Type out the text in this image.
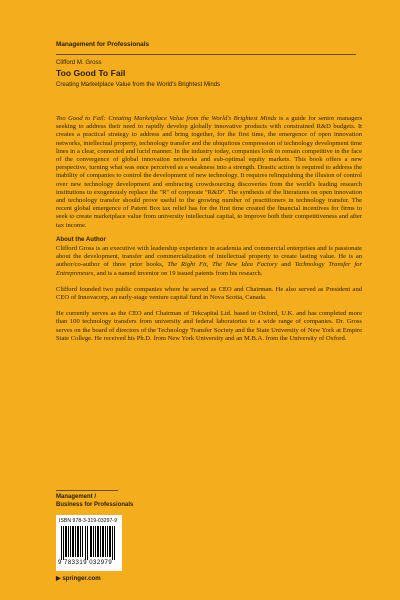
Management for Professionals
Clifford M. Gross
Too Good To Fail
Creating Marketplace Value from the World's Brightest Minds

Too Good to Fail: Creating Marketplace Value from the World's Brightest Minds is a guide for senior managers seeking to address their need to rapidly develop globally innovative products with constrained R&D budgets. It creates a practical strategy to address and bring together, for the first time, the emergence of open innovation networks, intellectual property, technology transfer and the ubiquitous compression of technology development time lines in a clear, connected and lucid manner. In the industry today, companies look to remain competitive in the face of the convergence of global innovation networks and sub-optimal equity markets. This book offers a new perspective, turning what was once perceived as a weakness into a strength. Drastic action is required to address the inability of companies to control the development of new technology. It requires relinquishing the illusion of control over new technology development and embracing crowdsourcing discoveries from the world's leading research institutions to exogenously replace the "R" of corporate "R&D". The synthesis of the literatures on open innovation and technology transfer should prove useful to the growing number of practitioners in technology transfer. The recent global emergence of Patent Box tax relief has for the first time created the financial incentives for firms to seek to create marketplace value from university intellectual capital, to improve both their competitiveness and after tax income.

About the Author

Clifford Gross is an executive with leadership experience in academia and commercial enterprises and is passionate about the development, transfer and commercialization of intellectual property to create lasting value. He is an author/co-author of three prior books, The Right Fit, The New Idea Factory and Technology Transfer for Entrepreneurs, and is a named inventor on 19 issued patents from his research.

Clifford founded two public companies where he served as CEO and Chairman. He also served as President and CEO of Innovacorp, an early-stage venture capital fund in Nova Scotia, Canada.

He currently serves as the CEO and Chairman of Tekcapital Ltd. based in Oxford, U.K. and has completed more than 100 technology transfers from university and federal laboratories to a wide range of companies. Dr. Gross serves on the board of directors of the Technology Transfer Society and the State University of New York at Empire State College. He received his Ph.D. from New York University and an M.B.A. from the University of Oxford.

Management /
Business for Professionals
ISBN 978-3-319-03297-9
9 783319 032979
▶ springer.com
